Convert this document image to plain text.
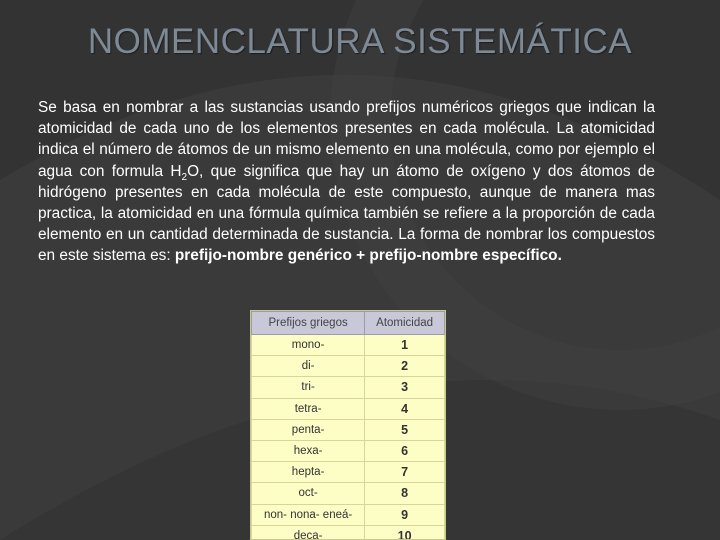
NOMENCLATURA SISTEMÁTICA

Se basa en nombrar a las sustancias usando prefijos numéricos griegos que indican la atomicidad de cada uno de los elementos presentes en cada molécula. La atomicidad indica el número de átomos de un mismo elemento en una molécula, como por ejemplo el agua con formula $H_2O$, que significa que hay un átomo de oxígeno y dos átomos de hidrógeno presentes en cada molécula de este compuesto, aunque de manera mas practica, la atomicidad en una fórmula química también se refiere a la proporción de cada elemento en un cantidad determinada de sustancia. La forma de nombrar los compuestos en este sistema es: prefijo-nombre genérico + prefijo-nombre específico.

Prefijos griegos	Atomicidad
mono-	1
di-	2
tri-	3
tetra-	4
penta-	5
hexa-	6
hepta-	7
oct-	8
non- nona- eneá-	9
deca-	10
